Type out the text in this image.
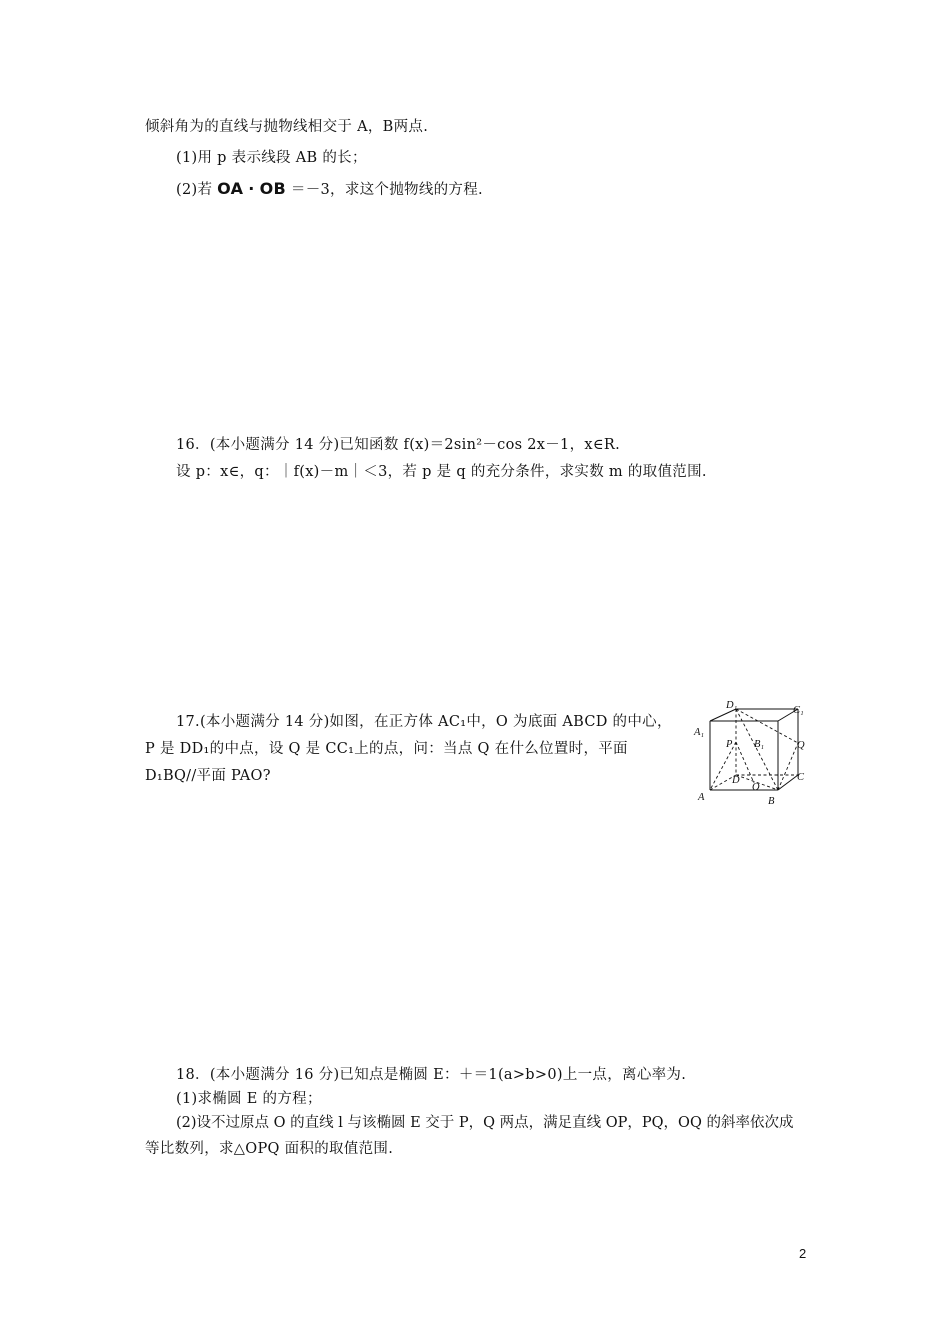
倾斜角为的直线与抛物线相交于 A，B两点.
(1)用 p 表示线段 AB 的长；
(2)若 OA · OB ＝－3，求这个抛物线的方程.
16．(本小题满分 14 分)已知函数 f(x)＝2sin²－cos 2x－1，x∈R.
设 p：x∈，q：｜f(x)－m｜＜3，若 p 是 q 的充分条件，求实数 m 的取值范围.
17.(本小题满分 14 分)如图，在正方体 AC₁中，O 为底面 ABCD 的中心，
P 是 DD₁的中点，设 Q 是 CC₁上的点，问：当点 Q 在什么位置时，平面
D₁BQ//平面 PAO?
D₁	C₁
A₁
B₁
P	Q
D
O
C
A	B
18．(本小题满分 16 分)已知点是椭圆 E：＋＝1(a>b>0)上一点，离心率为.
(1)求椭圆 E 的方程；
(2)设不过原点 O 的直线 l 与该椭圆 E 交于 P，Q 两点，满足直线 OP，PQ，OQ 的斜率依次成
等比数列，求△OPQ 面积的取值范围.
2
